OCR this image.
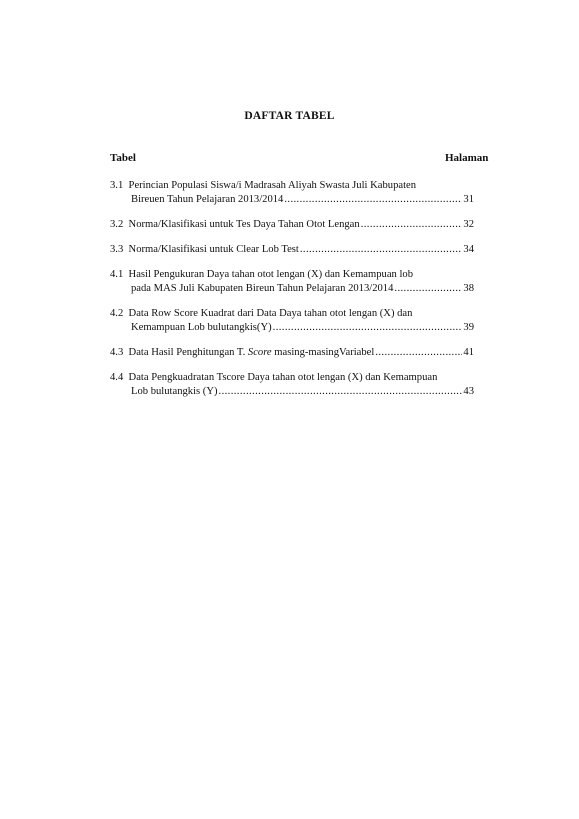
DAFTAR TABEL
Tabel	Halaman
3.1 Perincian Populasi Siswa/i Madrasah Aliyah Swasta Juli Kabupaten
Bireuen Tahun Pelajaran 2013/2014 .....	31
3.2
Norma/Klasifikasi untuk Tes Daya Tahan Otot Lengan .....	32
3.3
Norma/Klasifikasi untuk Clear Lob Test .....	34
4.1 Hasil Pengukuran Daya tahan otot lengan (X) dan Kemampuan lob
pada MAS Juli Kabupaten Bireun Tahun Pelajaran 2013/2014 .....	38
4.2 Data Row Score Kuadrat dari Data Daya tahan otot lengan (X) dan
Kemampuan Lob bulutangkis(Y) .....	39
4.3
Data Hasil Penghitungan T. Score masing-masingVariabel .....	41
4.4 Data Pengkuadratan Tscore Daya tahan otot lengan (X) dan Kemampuan
Lob bulutangkis (Y) .....	43
